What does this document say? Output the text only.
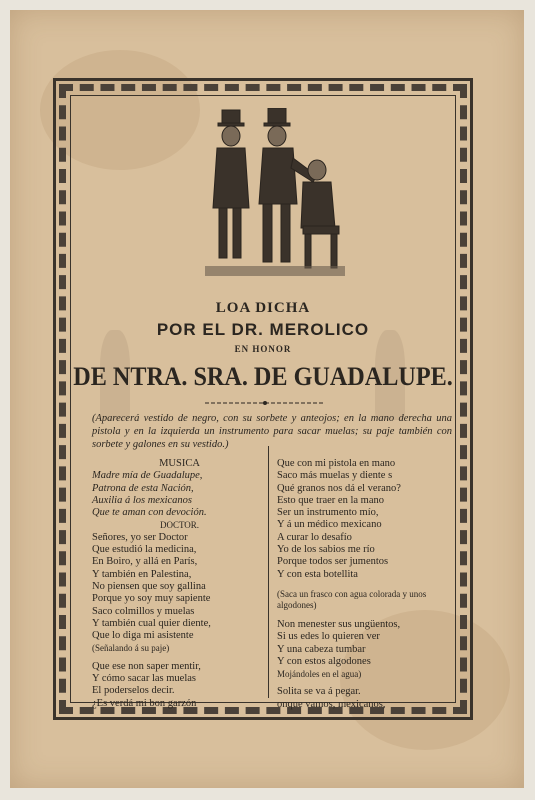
LOA DICHA
POR EL DR. MEROLICO
EN HONOR
DE NTRA. SRA. DE GUADALUPE.
(Aparecerá vestido de negro, con su sorbete y anteojos; en la mano derecha una pistola y en la izquierda un instrumento para sacar muelas; su paje también con sorbete y galones en su vestido.)
MUSICA
Madre mía de Guadalupe,
Patrona de esta Nación,
Auxilia á los mexicanos
Que te aman con devoción.
DOCTOR.
Señores, yo ser Doctor
Que estudió la medicina,
En Boiro, y allá en París,
Y también en Palestina,
No piensen que soy gallina
Porque yo soy muy sapiente
Saco colmillos y muelas
Y también cual quier diente,
Que lo diga mi asistente
(Señalando á su paje)
Que ese non saper mentir,
Y cómo sacar las muelas
El poderselos decir.
¿Es verdá mi bon garzón
Que con mi pistola en mano
Saco más muelas y diente s
Qué granos nos dá el verano?
Esto que traer en la mano
Ser un instrumento mío,
Y á un médico mexicano
A curar lo desafío
Yo de los sabios me río
Porque todos ser jumentos
Y con esta botellita
(Saca un frasco con agua colorada y unos algodones)
Non menester sus ungüentos,
Si us edes lo quieren ver
Y una cabeza tumbar
Y con estos algodones
Mojándoles en el agua)
Solita se va á pegar.
onque vamos, mexicanos,
